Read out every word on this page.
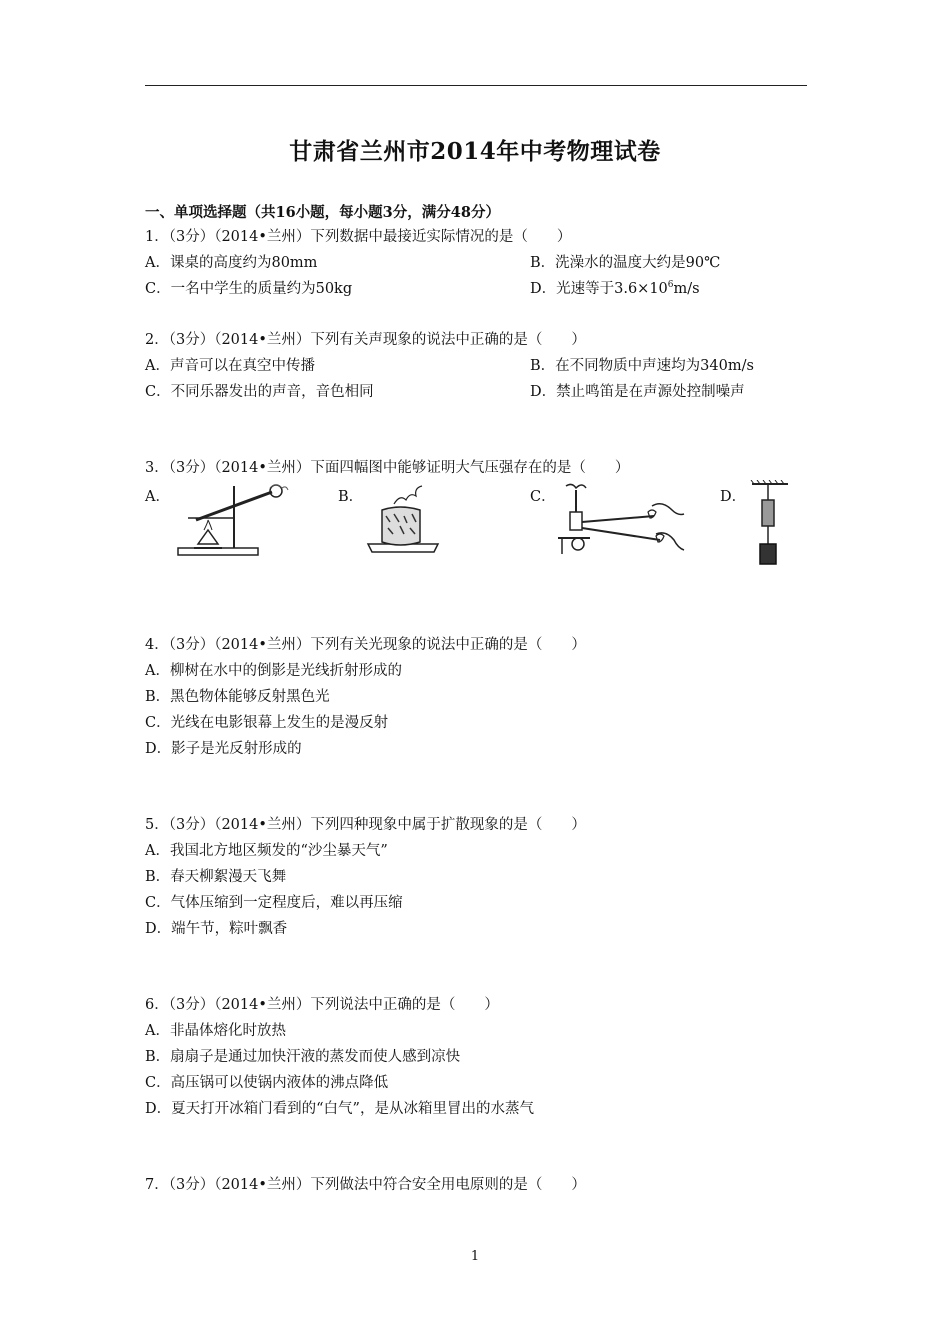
甘肃省兰州市2014年中考物理试卷
一、单项选择题（共16小题，每小题3分，满分48分）
1．（3分）（2014•兰州）下列数据中最接近实际情况的是（　　）
A．课桌的高度约为80mm	B．洗澡水的温度大约是90℃
C．一名中学生的质量约为50kg	D．光速等于$3.6\times 10^6m/s$
2．（3分）（2014•兰州）下列有关声现象的说法中正确的是（　　）
A．声音可以在真空中传播	B．在不同物质中声速均为340m/s
C．不同乐器发出的声音，音色相同	D．禁止鸣笛是在声源处控制噪声
3．（3分）（2014•兰州）下面四幅图中能够证明大气压强存在的是（　　）
A．	B．	C．	D．
4．（3分）（2014•兰州）下列有关光现象的说法中正确的是（　　）
A．柳树在水中的倒影是光线折射形成的
B．黑色物体能够反射黑色光
C．光线在电影银幕上发生的是漫反射
D．影子是光反射形成的
5．（3分）（2014•兰州）下列四种现象中属于扩散现象的是（　　）
A．我国北方地区频发的“沙尘暴天气”
B．春天柳絮漫天飞舞
C．气体压缩到一定程度后，难以再压缩
D．端午节，粽叶飘香
6．（3分）（2014•兰州）下列说法中正确的是（　　）
A．非晶体熔化时放热
B．扇扇子是通过加快汗液的蒸发而使人感到凉快
C．高压锅可以使锅内液体的沸点降低
D．夏天打开冰箱门看到的“白气”，是从冰箱里冒出的水蒸气
7．（3分）（2014•兰州）下列做法中符合安全用电原则的是（　　）
1
